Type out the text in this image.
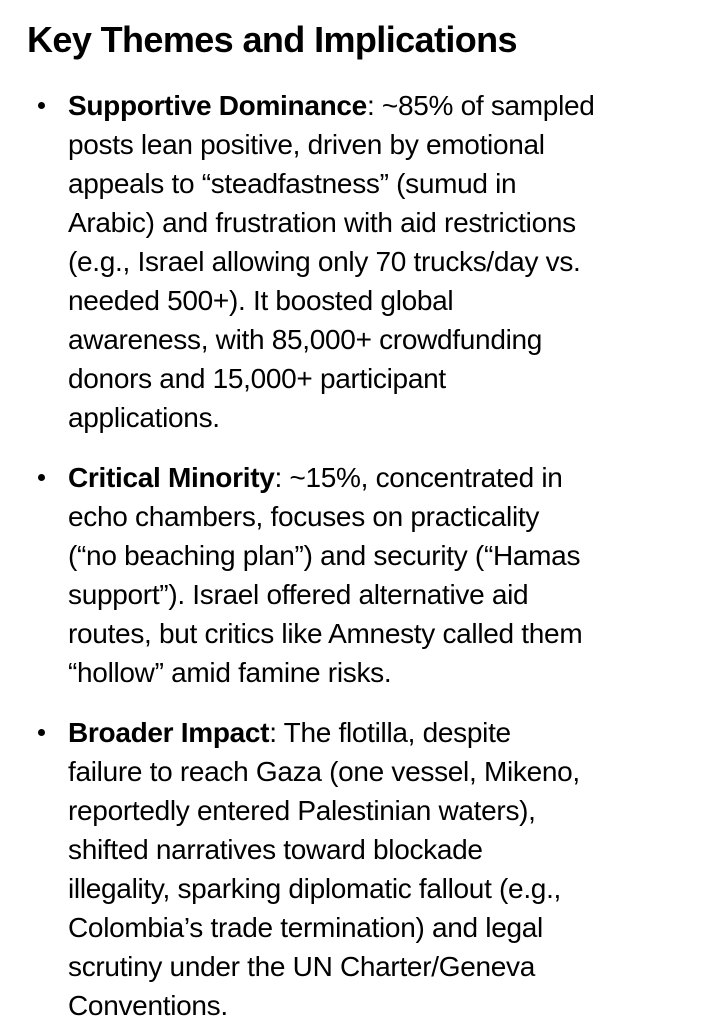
Key Themes and Implications
Supportive Dominance: ~85% of sampled
posts lean positive, driven by emotional
appeals to “steadfastness” (sumud in
Arabic) and frustration with aid restrictions
(e.g., Israel allowing only 70 trucks/day vs.
needed 500+). It boosted global
awareness, with 85,000+ crowdfunding
donors and 15,000+ participant
applications.
Critical Minority: ~15%, concentrated in
echo chambers, focuses on practicality
(“no beaching plan”) and security (“Hamas
support”). Israel offered alternative aid
routes, but critics like Amnesty called them
“hollow” amid famine risks.
Broader Impact: The flotilla, despite
failure to reach Gaza (one vessel, Mikeno,
reportedly entered Palestinian waters),
shifted narratives toward blockade
illegality, sparking diplomatic fallout (e.g.,
Colombia’s trade termination) and legal
scrutiny under the UN Charter/Geneva
Conventions.
